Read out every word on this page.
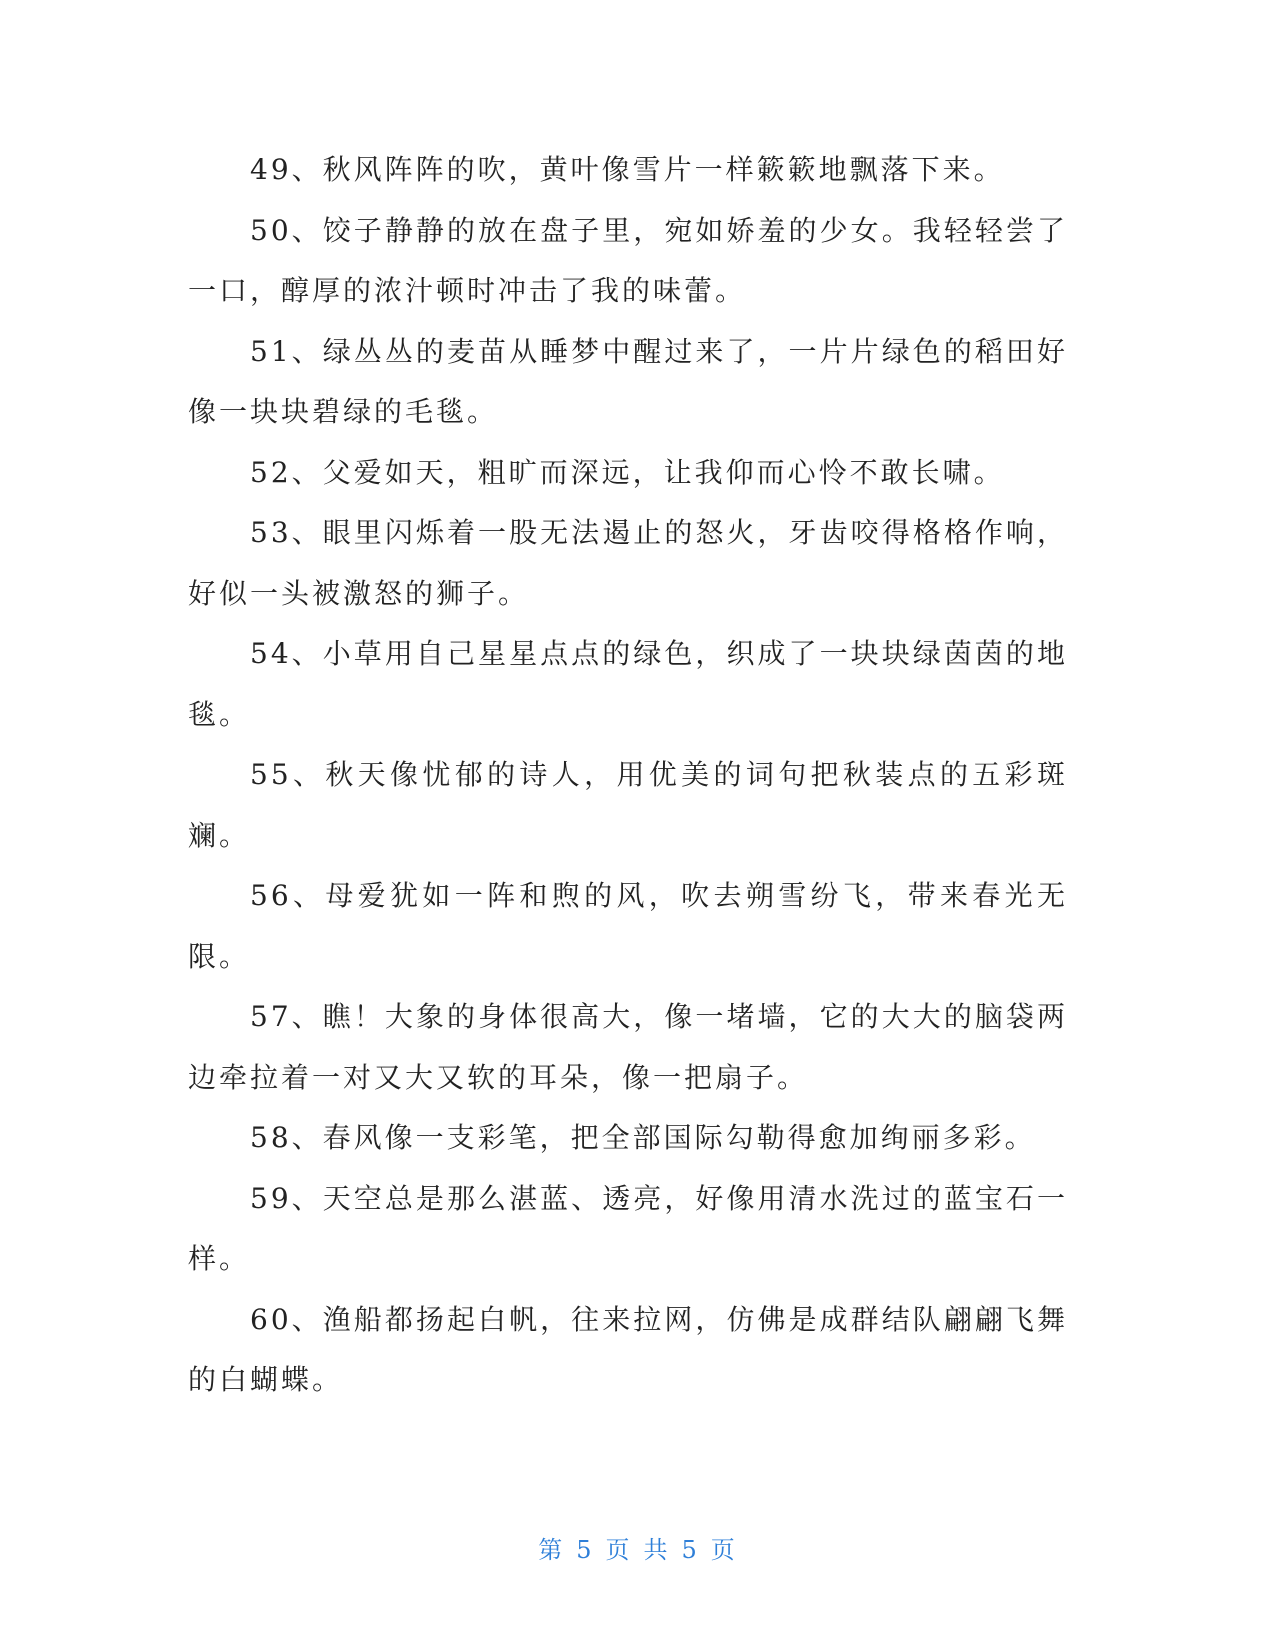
49、秋风阵阵的吹，黄叶像雪片一样簌簌地飘落下来。

50、饺子静静的放在盘子里，宛如娇羞的少女。我轻轻尝了一口，醇厚的浓汁顿时冲击了我的味蕾。

51、绿丛丛的麦苗从睡梦中醒过来了，一片片绿色的稻田好像一块块碧绿的毛毯。

52、父爱如天，粗旷而深远，让我仰而心怜不敢长啸。

53、眼里闪烁着一股无法遏止的怒火，牙齿咬得格格作响，好似一头被激怒的狮子。

54、小草用自己星星点点的绿色，织成了一块块绿茵茵的地毯。

55、秋天像忧郁的诗人，用优美的词句把秋装点的五彩斑斓。

56、母爱犹如一阵和煦的风，吹去朔雪纷飞，带来春光无限。

57、瞧！大象的身体很高大，像一堵墙，它的大大的脑袋两边牵拉着一对又大又软的耳朵，像一把扇子。

58、春风像一支彩笔，把全部国际勾勒得愈加绚丽多彩。

59、天空总是那么湛蓝、透亮，好像用清水洗过的蓝宝石一样。

60、渔船都扬起白帆，往来拉网，仿佛是成群结队翩翩飞舞的白蝴蝶。

第 5 页 共 5 页
